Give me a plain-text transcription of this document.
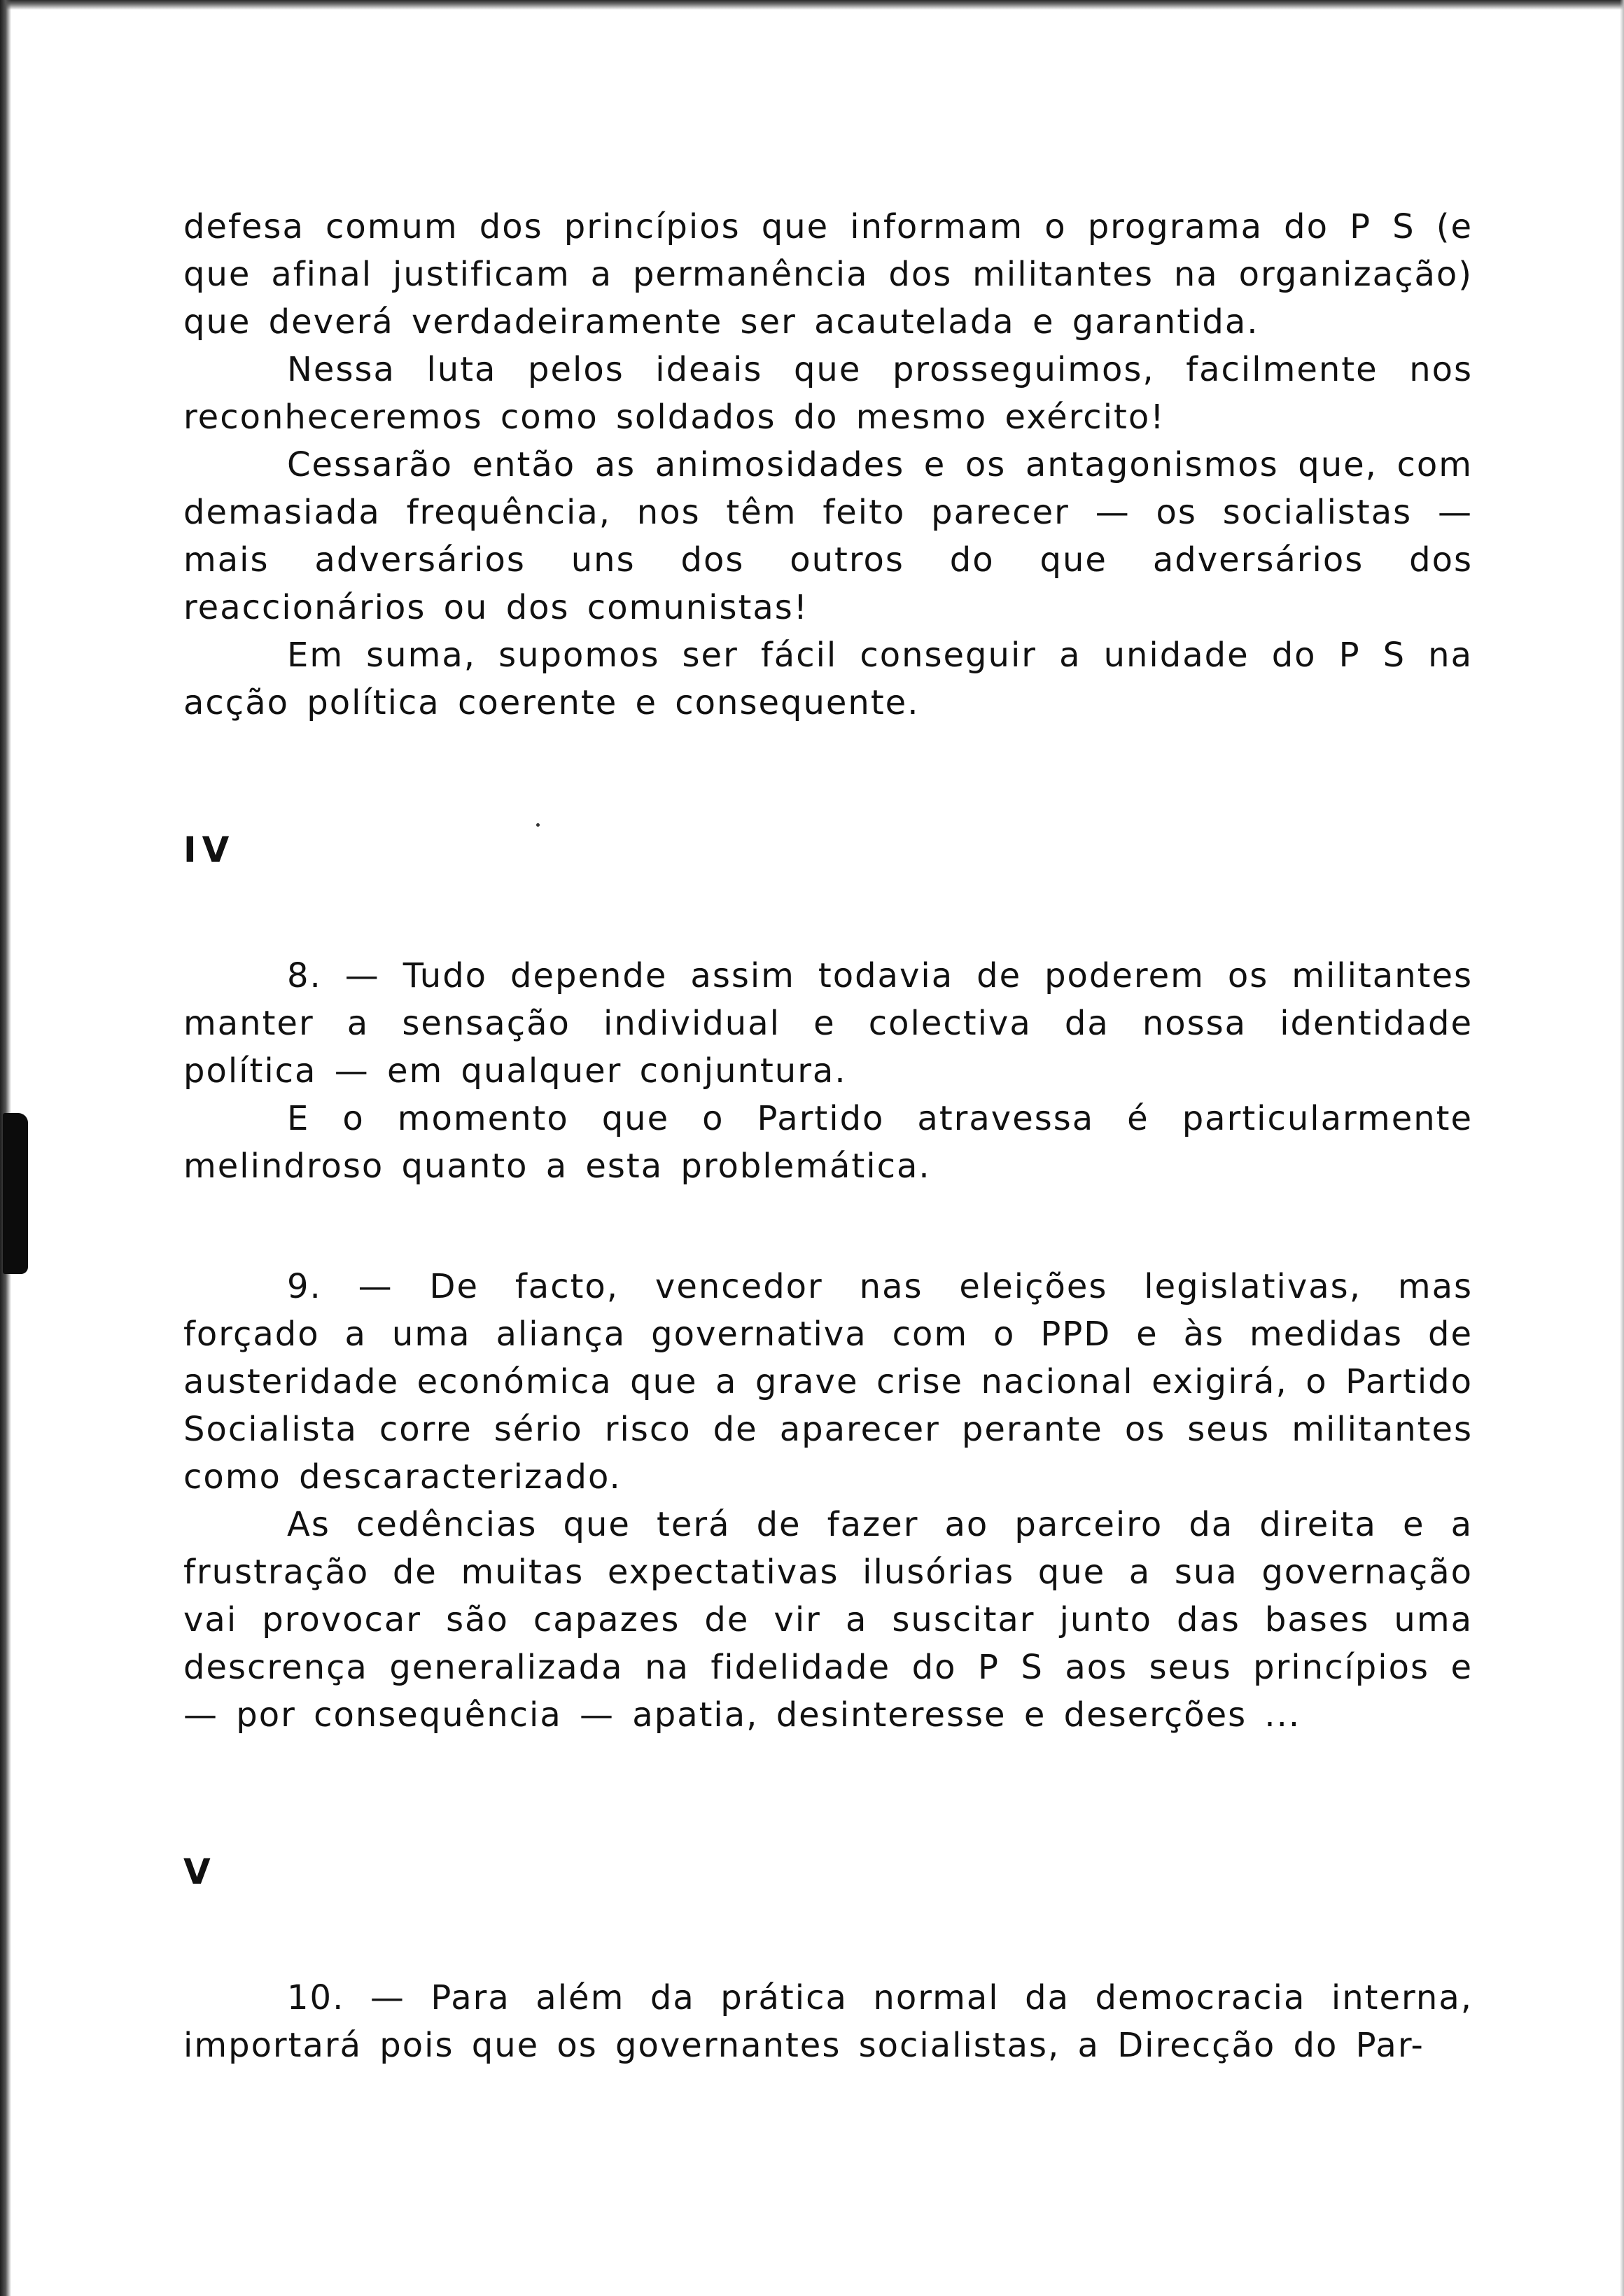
defesa comum dos princípios que informam o programa do P S (e que afinal justificam a permanência dos militantes na organização) que deverá verdadeiramente ser acautelada e garantida.

Nessa luta pelos ideais que prosseguimos, facilmente nos reconheceremos como soldados do mesmo exército!

Cessarão então as animosidades e os antagonismos que, com demasiada frequência, nos têm feito parecer — os socialistas — mais adversários uns dos outros do que adversários dos reaccionários ou dos comunistas!

Em suma, supomos ser fácil conseguir a unidade do P S na acção política coerente e consequente.

IV

8. — Tudo depende assim todavia de poderem os militantes manter a sensação individual e colectiva da nossa identidade política — em qualquer conjuntura.

E o momento que o Partido atravessa é particularmente melindroso quanto a esta problemática.

9. — De facto, vencedor nas eleições legislativas, mas forçado a uma aliança governativa com o PPD e às medidas de austeridade económica que a grave crise nacional exigirá, o Partido Socialista corre sério risco de aparecer perante os seus militantes como descaracterizado.

As cedências que terá de fazer ao parceiro da direita e a frustração de muitas expectativas ilusórias que a sua governação vai provocar são capazes de vir a suscitar junto das bases uma descrença generalizada na fidelidade do P S aos seus princípios e — por consequência — apatia, desinteresse e deserções ...

V

10. — Para além da prática normal da democracia interna, importará pois que os governantes socialistas, a Direcção do Par-
